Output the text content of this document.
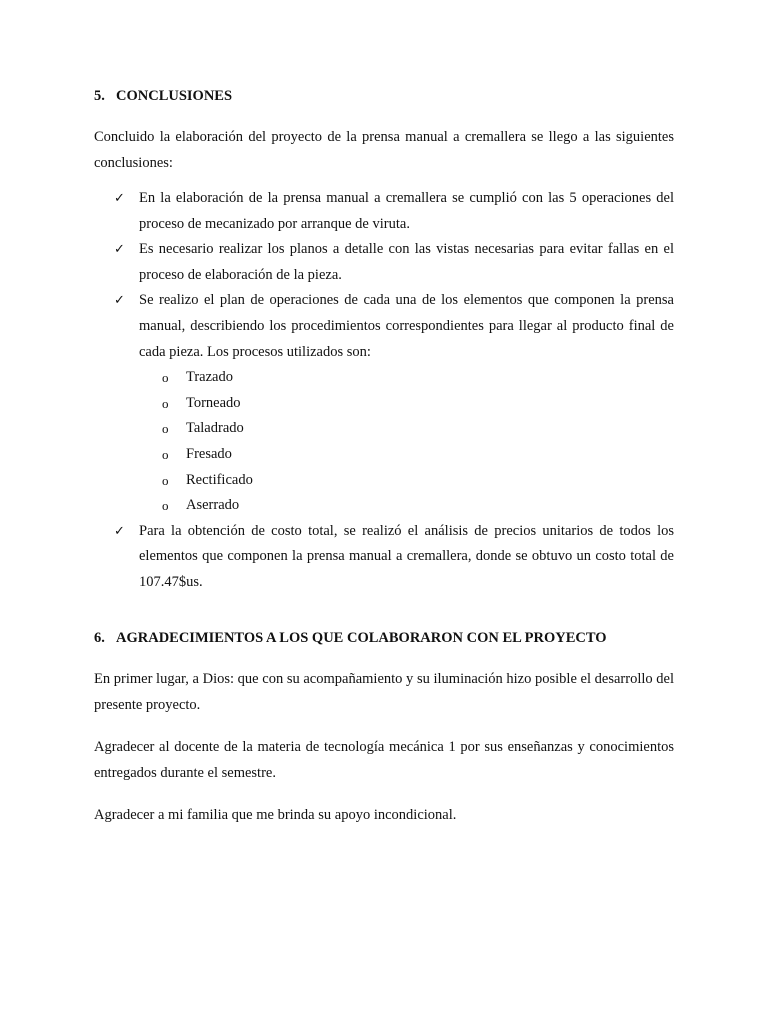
5. CONCLUSIONES

Concluido la elaboración del proyecto de la prensa manual a cremallera se llego a las siguientes conclusiones:

✓ En la elaboración de la prensa manual a cremallera se cumplió con las 5 operaciones del proceso de mecanizado por arranque de viruta.
✓ Es necesario realizar los planos a detalle con las vistas necesarias para evitar fallas en el proceso de elaboración de la pieza.
✓ Se realizo el plan de operaciones de cada una de los elementos que componen la prensa manual, describiendo los procedimientos correspondientes para llegar al producto final de cada pieza. Los procesos utilizados son:
o Trazado
o Torneado
o Taladrado
o Fresado
o Rectificado
o Aserrado
✓ Para la obtención de costo total, se realizó el análisis de precios unitarios de todos los elementos que componen la prensa manual a cremallera, donde se obtuvo un costo total de 107.47$us.
6. AGRADECIMIENTOS A LOS QUE COLABORARON CON EL PROYECTO

En primer lugar, a Dios: que con su acompañamiento y su iluminación hizo posible el desarrollo del presente proyecto.

Agradecer al docente de la materia de tecnología mecánica 1 por sus enseñanzas y conocimientos entregados durante el semestre.

Agradecer a mi familia que me brinda su apoyo incondicional.
